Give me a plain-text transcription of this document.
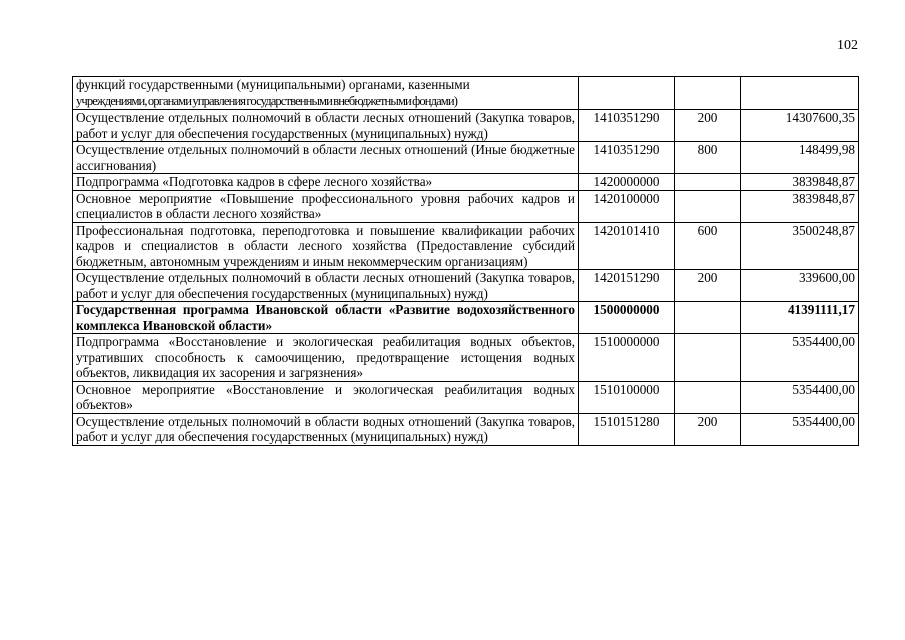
102
функций государственными (муниципальными) органами, казенными
учреждениями, органами управления государственными внебюджетными фондами)			
Осуществление отдельных полномочий в области лесных отношений (Закупка товаров, работ и услуг для обеспечения государственных (муниципальных) нужд)	1410351290	200	14307600,35
Осуществление отдельных полномочий в области лесных отношений (Иные бюджетные ассигнования)	1410351290	800	148499,98
Подпрограмма «Подготовка кадров в сфере лесного хозяйства»	1420000000		3839848,87
Основное мероприятие «Повышение профессионального уровня рабочих кадров и специалистов в области лесного хозяйства»	1420100000		3839848,87
Профессиональная подготовка, переподготовка и повышение квалификации рабочих кадров и специалистов в области лесного хозяйства (Предоставление субсидий бюджетным, автономным учреждениям и иным некоммерческим организациям)	1420101410	600	3500248,87
Осуществление отдельных полномочий в области лесных отношений (Закупка товаров, работ и услуг для обеспечения государственных (муниципальных) нужд)	1420151290	200	339600,00
Государственная программа Ивановской области «Развитие водохозяйственного комплекса Ивановской области»	1500000000		41391111,17
Подпрограмма «Восстановление и экологическая реабилитация водных объектов, утративших способность к самоочищению, предотвращение истощения водных объектов, ликвидация их засорения и загрязнения»	1510000000		5354400,00
Основное мероприятие «Восстановление и экологическая реабилитация водных объектов»	1510100000		5354400,00
Осуществление отдельных полномочий в области водных отношений (Закупка товаров, работ и услуг для обеспечения государственных (муниципальных) нужд)	1510151280	200	5354400,00
